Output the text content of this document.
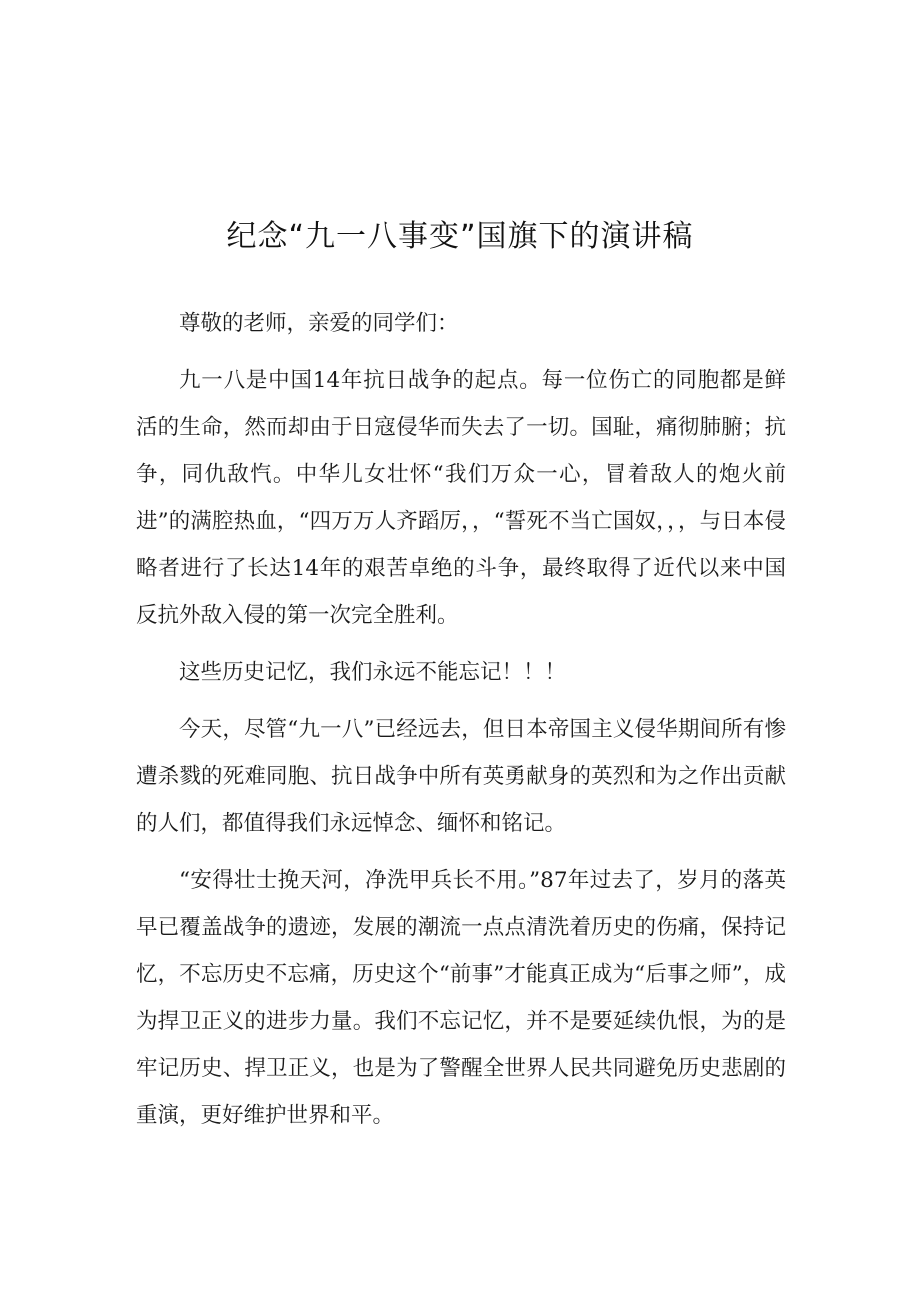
纪念“九一八事变”国旗下的演讲稿

尊敬的老师，亲爱的同学们：

九一八是中国14年抗日战争的起点。每一位伤亡的同胞都是鲜活的生命，然而却由于日寇侵华而失去了一切。国耻，痛彻肺腑；抗争，同仇敌忾。中华儿女壮怀“我们万众一心，冒着敌人的炮火前进”的满腔热血，“四万万人齐蹈厉，，“誓死不当亡国奴，，，与日本侵略者进行了长达14年的艰苦卓绝的斗争，最终取得了近代以来中国反抗外敌入侵的第一次完全胜利。

这些历史记忆，我们永远不能忘记！！！

今天，尽管“九一八”已经远去，但日本帝国主义侵华期间所有惨遭杀戮的死难同胞、抗日战争中所有英勇献身的英烈和为之作出贡献的人们，都值得我们永远悼念、缅怀和铭记。

“安得壮士挽天河，净洗甲兵长不用。”87年过去了，岁月的落英早已覆盖战争的遗迹，发展的潮流一点点清洗着历史的伤痛，保持记忆，不忘历史不忘痛，历史这个“前事”才能真正成为“后事之师”，成为捍卫正义的进步力量。我们不忘记忆，并不是要延续仇恨，为的是牢记历史、捍卫正义，也是为了警醒全世界人民共同避免历史悲剧的重演，更好维护世界和平。
